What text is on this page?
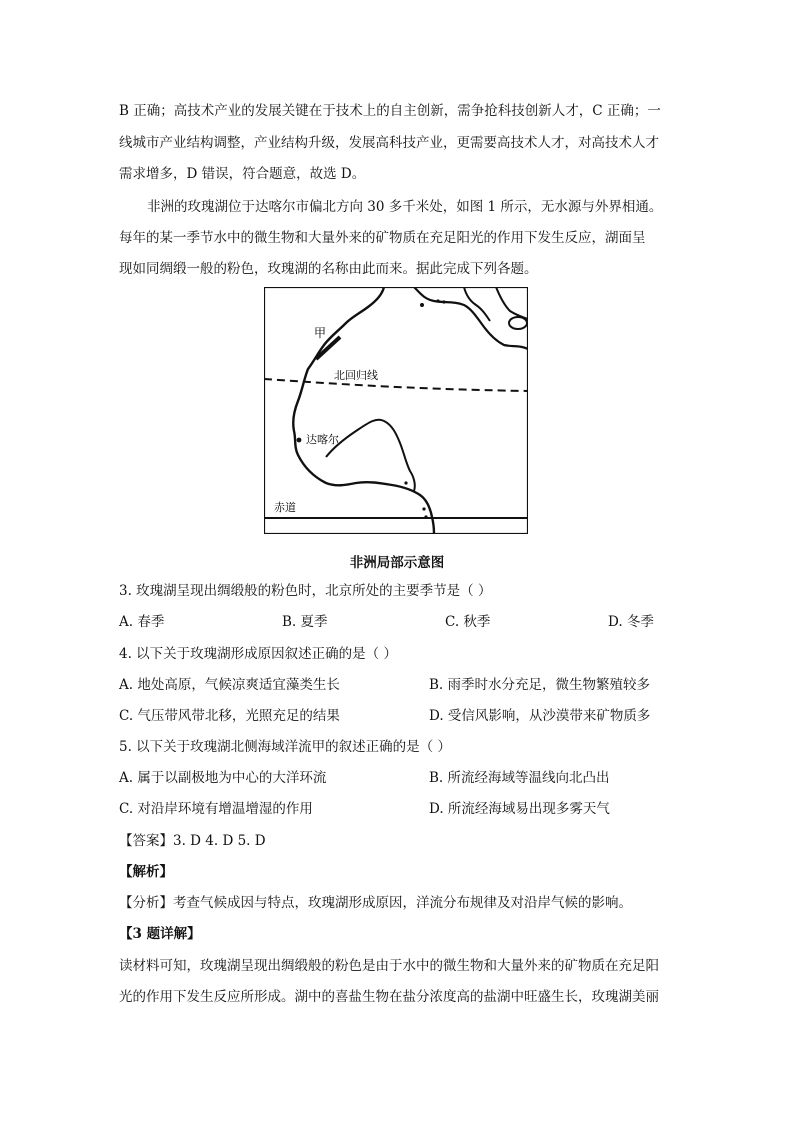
B 正确；高技术产业的发展关键在于技术上的自主创新，需争抢科技创新人才，C 正确；一
线城市产业结构调整，产业结构升级，发展高科技产业，更需要高技术人才，对高技术人才
需求增多，D 错误，符合题意，故选 D。
非洲的玫瑰湖位于达喀尔市偏北方向 30 多千米处，如图 1 所示，无水源与外界相通。
每年的某一季节水中的微生物和大量外来的矿物质在充足阳光的作用下发生反应，湖面呈
现如同绸缎一般的粉色，玫瑰湖的名称由此而来。据此完成下列各题。
甲
北回归线
达喀尔
赤道
非洲局部示意图
3. 玫瑰湖呈现出绸缎般的粉色时，北京所处的主要季节是（ ）
A. 春季	B. 夏季	C. 秋季	D. 冬季
4. 以下关于玫瑰湖形成原因叙述正确的是（ ）
A. 地处高原，气候凉爽适宜藻类生长	B. 雨季时水分充足，微生物繁殖较多
C. 气压带风带北移，光照充足的结果	D. 受信风影响，从沙漠带来矿物质多
5. 以下关于玫瑰湖北侧海域洋流甲的叙述正确的是（ ）
A. 属于以副极地为中心的大洋环流	B. 所流经海域等温线向北凸出
C. 对沿岸环境有增温增湿的作用	D. 所流经海域易出现多雾天气
【答案】3. D 4. D 5. D
【解析】
【分析】考查气候成因与特点，玫瑰湖形成原因，洋流分布规律及对沿岸气候的影响。
【3 题详解】
读材料可知，玫瑰湖呈现出绸缎般的粉色是由于水中的微生物和大量外来的矿物质在充足阳
光的作用下发生反应所形成。湖中的喜盐生物在盐分浓度高的盐湖中旺盛生长，玫瑰湖美丽
